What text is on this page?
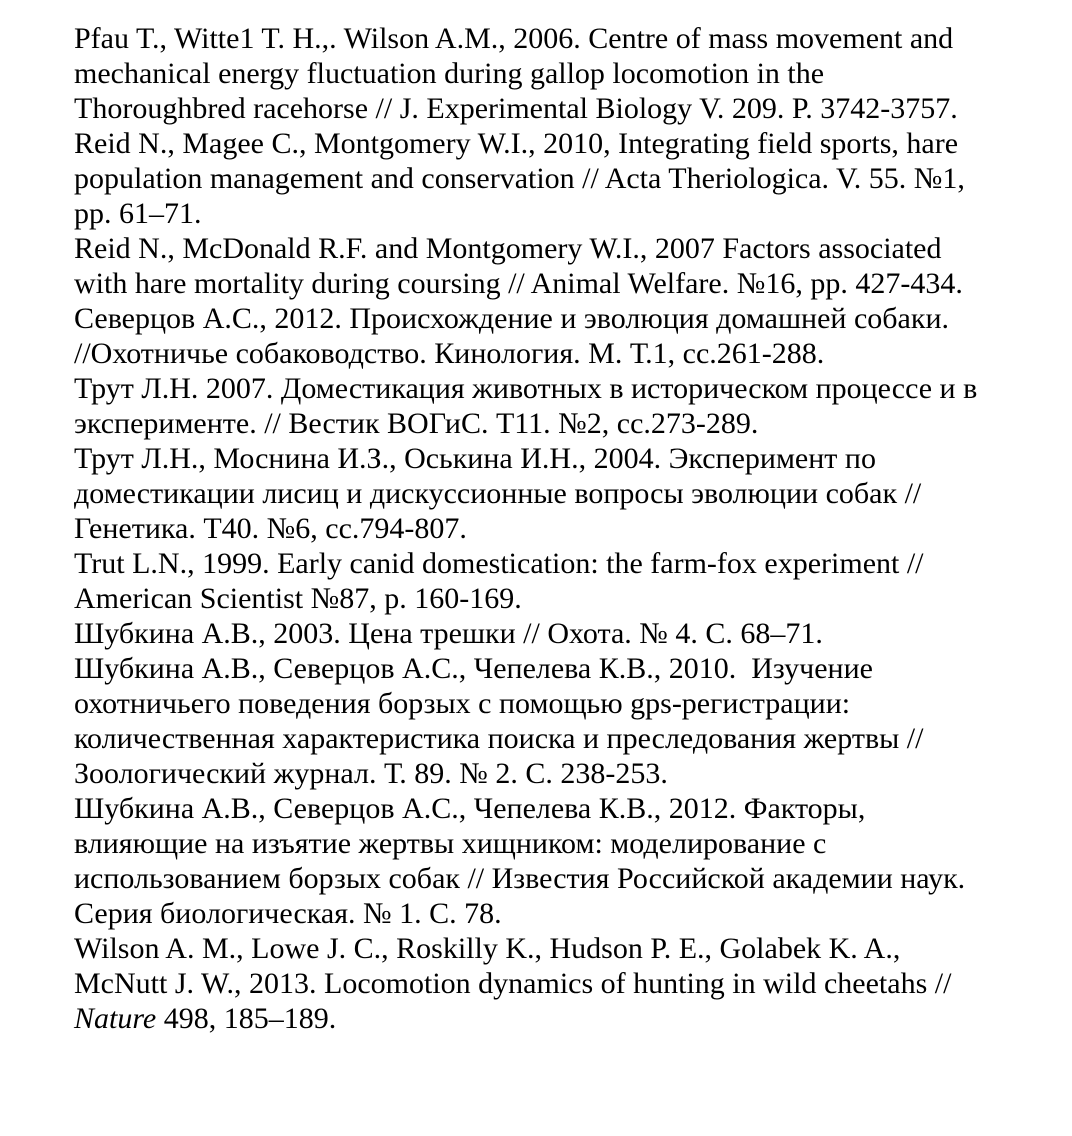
Pfau T., Witte1 T. H.,. Wilson A.M., 2006. Centre of mass movement and
mechanical energy fluctuation during gallop locomotion in the
Thoroughbred racehorse // J. Experimental Biology V. 209. P. 3742-3757.
Reid N., Magee C., Montgomery W.I., 2010, Integrating field sports, hare
population management and conservation // Acta Theriologica. V. 55. №1,
pp. 61–71.
Reid N., McDonald R.F. and Montgomery W.I., 2007 Factors associated
with hare mortality during coursing // Animal Welfare. №16, pp. 427-434.
Северцов А.С., 2012. Происхождение и эволюция домашней собаки.
//Охотничье собаководство. Кинология. М. Т.1, сс.261-288.
Трут Л.Н. 2007. Доместикация животных в историческом процессе и в
эксперименте. // Вестик ВОГиС. Т11. №2, сс.273-289.
Трут Л.Н., Моснина И.З., Оськина И.Н., 2004. Эксперимент по
доместикации лисиц и дискуссионные вопросы эволюции собак //
Генетика. Т40. №6, сс.794-807.
Trut L.N., 1999. Early canid domestication: the farm-fox experiment //
American Scientist №87, p. 160-169.
Шубкина А.В., 2003. Цена трешки // Охота. № 4. С. 68–71.
Шубкина А.В., Северцов А.С., Чепелева К.В., 2010.  Изучение
охотничьего поведения борзых с помощью gps-регистрации:
количественная характеристика поиска и преследования жертвы //
Зоологический журнал. Т. 89. № 2. С. 238-253.
Шубкина А.В., Северцов А.С., Чепелева К.В., 2012. Факторы,
влияющие на изъятие жертвы хищником: моделирование с
использованием борзых собак // Известия Российской академии наук.
Серия биологическая. № 1. С. 78.
Wilson A. M., Lowe J. C., Roskilly K., Hudson P. E., Golabek K. A.,
McNutt J. W., 2013. Locomotion dynamics of hunting in wild cheetahs //
Nature 498, 185–189.
